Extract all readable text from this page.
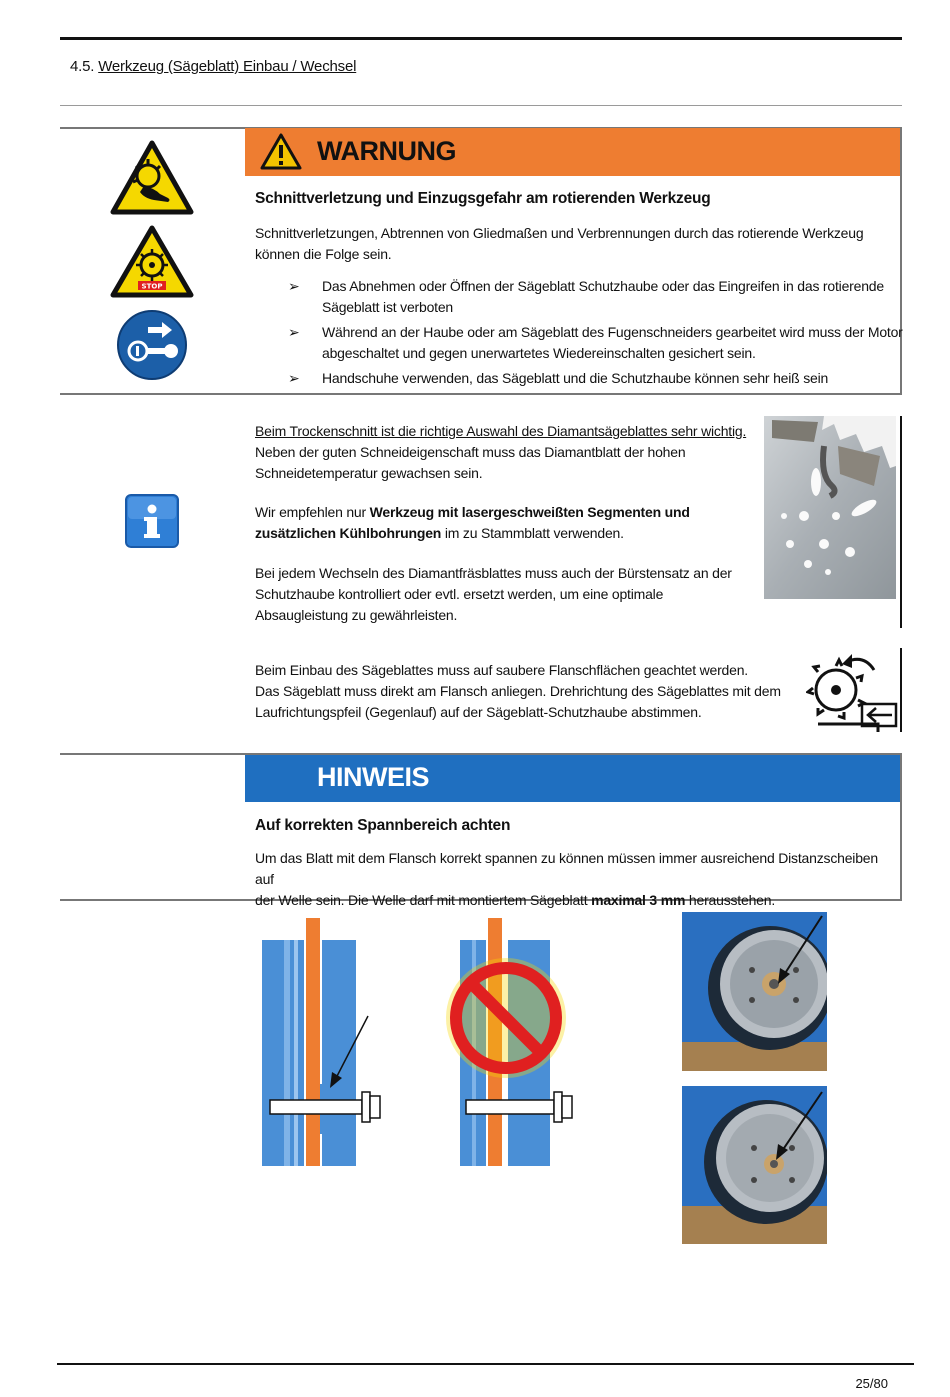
4.5. Werkzeug (Sägeblatt) Einbau / Wechsel
WARNUNG
STOP
Schnittverletzung und Einzugsgefahr am rotierenden Werkzeug
Schnittverletzungen, Abtrennen von Gliedmaßen und Verbrennungen durch das rotierende Werkzeug
können die Folge sein.
➢ Das Abnehmen oder Öffnen der Sägeblatt Schutzhaube oder das Eingreifen in das rotierende
Sägeblatt ist verboten
➢ Während an der Haube oder am Sägeblatt des Fugenschneiders gearbeitet wird muss der Motor
abgeschaltet und gegen unerwartetes Wiedereinschalten gesichert sein.
➢ Handschuhe verwenden, das Sägeblatt und die Schutzhaube können sehr heiß sein
Beim Trockenschnitt ist die richtige Auswahl des Diamantsägeblattes sehr wichtig.
Neben der guten Schneideigenschaft muss das Diamantblatt der hohen
Schneidetemperatur gewachsen sein.
Wir empfehlen nur Werkzeug mit lasergeschweißten Segmenten und
zusätzlichen Kühlbohrungen im zu Stammblatt verwenden.
Bei jedem Wechseln des Diamantfräsblattes muss auch der Bürstensatz an der
Schutzhaube kontrolliert oder evtl. ersetzt werden, um eine optimale
Absaugleistung zu gewährleisten.
Beim Einbau des Sägeblattes muss auf saubere Flanschflächen geachtet werden.
Das Sägeblatt muss direkt am Flansch anliegen. Drehrichtung des Sägeblattes mit dem
Laufrichtungspfeil (Gegenlauf) auf der Sägeblatt-Schutzhaube abstimmen.
HINWEIS
Auf korrekten Spannbereich achten
Um das Blatt mit dem Flansch korrekt spannen zu können müssen immer ausreichend Distanzscheiben auf
der Welle sein. Die Welle darf mit montiertem Sägeblatt maximal 3 mm herausstehen.
25/80
